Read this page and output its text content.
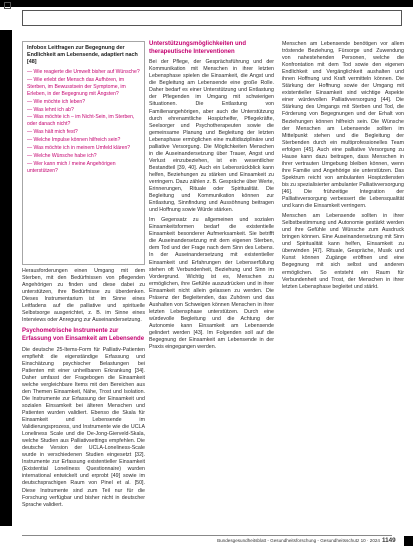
Infobox Leitfragen zur Begegnung der Endlichkeit am Lebensende, adaptiert nach [48]
— Wie reagierte die Umwelt bisher auf Wünsche?
— Wie erlebt der Mensch das Aufhören, im Sterben, im Bewusstsein der Symptome, im Erleben, in der Begegnung mit Ängsten?
— Wie möchte ich leben?
— Was lehnt ich ab?
— Was möchte ich – im Nicht-Sein, im Sterben, oder danach nicht?
— Was hält mich fest?
— Welche Impulse können hilfreich sein?
— Was möchte ich in meinem Umfeld klären?
— Welche Wünsche habe ich?
— Wer kann mich / meine Angehörigen unterstützen?

Herausforderungen einen Umgang mit dem Sterben, mit den Bedürfnissen von pflegenden Angehörigen zu finden und diese dabei zu unterstützen, ihre Bedürfnisse zu überdenken. Dieses Instrumentarium ist im Sinne eines Leitfadens auf die palliative und spirituelle Selbstsorge ausgerichtet, z. B. im Sinne eines Interviews oder Anregung zur Auseinandersetzung.

Psychometrische Instrumente zur Erfassung von Einsamkeit am Lebensende

Die deutsche 25-Items-Form für Palliativ-Patienten empfiehlt die eigenständige Erfassung und Einschätzung psychischer Belastungen bei Patienten mit einer unheilbaren Erkrankung [34]. Daher umfasst der Fragebogen die Einsamkeit welche vergleichbare Items mit den Bereichen aus den Themen Einsamkeit, Nähe, Trost und Isolation. Die Instrumente zur Erfassung der Einsamkeit und sozialen Einsamkeit bei älteren Menschen und Patienten wurden validiert. Ebenso die Skala für Einsamkeit und Lebensende im Validierungsprozess, und Instrumente wie die UCLA Loneliness Scale und die De-Jong-Gierveld-Skala, welche Studien aus Palliativsettings empfehlen. Die deutsche Version der UCLA-Loneliness-Scale wurde in verschiedenen Studien eingesetzt [32]. Instrumente zur Erfassung existentieller Einsamkeit (Existential Loneliness Questionnaire) wurden international entwickelt und erprobt [49] sowie im deutschsprachigen Raum von Pinel et al. [50]. Diese Instrumente sind zum Teil nur für die Forschung verfügbar und bisher nicht in deutscher Sprache validiert.

Unterstützungsmöglichkeiten und therapeutische Interventionen

Bei der Pflege, der Gesprächsführung und der Kommunikation mit Menschen in ihrer letzten Lebensphase spielen die Einsamkeit, die Angst und die Begleitung am Lebensende eine große Rolle. Daher bedarf es einer Unterstützung und Entlastung der Pflegenden im Umgang mit schwierigen Situationen. Die Entlastung von Familienangehörigen, aber auch die Unterstützung durch ehrenamtliche Hospizhelfer, Pflegekräfte, Seelsorger und Psychotherapeuten sowie die gemeinsame Planung und Begleitung der letzten Lebensphase ermöglichen eine multidisziplinäre und palliative Versorgung. Die Möglichkeiten Menschen in die Auseinandersetzung über Trauer, Angst und Verlust einzubeziehen, ist ein wesentlicher Bestandteil [39, 40]. Auch ein Lebensrückblick kann helfen, Beziehungen zu stärken und Einsamkeit zu verringern. Dazu zählen z. B. Gespräche über Werte, Erinnerungen, Rituale oder Spiritualität. Die Begleitung und Kommunikation können zur Entlastung, Sinnfindung und Aussöhnung beitragen und Hoffnung sowie Würde stärken.

Im Gegensatz zu allgemeinen und sozialen Einsamkeitsformen bedarf die existentielle Einsamkeit besonderer Aufmerksamkeit. Sie betrifft die Auseinandersetzung mit dem eigenen Sterben, dem Tod und der Frage nach dem Sinn des Lebens. In der Auseinandersetzung mit existentieller Einsamkeit und Erfahrungen der Lebenserfüllung stehen oft Verbundenheit, Beziehung und Sinn im Vordergrund. Wichtig ist es, Menschen zu ermöglichen, ihre Gefühle auszudrücken und in ihrer Einsamkeit nicht allein gelassen zu werden. Die Präsenz der Begleitenden, das Zuhören und das Aushalten von Schweigen können Menschen in ihrer letzten Lebensphase unterstützen. Durch eine würdevolle Begleitung und die Achtung der Autonomie kann Einsamkeit am Lebensende gelindert werden [43]. Im Folgenden soll auf die Begegnung der Einsamkeit am Lebensende in der Praxis eingegangen werden.

Menschen am Lebensende benötigen vor allem tröstende Beziehung, Fürsorge und Zuwendung von nahestehenden Personen, welche die Konfrontation mit dem Tod sowie den eigenen Endlichkeit und Vergänglichkeit aushalten und ihnen Hoffnung und Kraft vermitteln können. Die Stärkung der Hoffnung sowie der Umgang mit existentieller Einsamkeit sind wichtige Aspekte einer würdevollen Palliativversorgung [44]. Die Stärkung des Umgangs mit Sterben und Tod, die Förderung von Begegnungen und der Erhalt von Beziehungen können hilfreich sein. Die Wünsche der Menschen am Lebensende sollten im Mittelpunkt stehen und die Begleitung der Sterbenden durch ein multiprofessionelles Team erfolgen [45]. Auch eine palliative Versorgung zu Hause kann dazu beitragen, dass Menschen in ihrer vertrauten Umgebung bleiben können, wenn ihre Familie und Angehörige sie unterstützen. Das Spektrum reicht von ambulanten Hospizdiensten bis zu spezialisierter ambulanter Palliativversorgung [46]. Die frühzeitige Integration der Palliativversorgung verbessert die Lebensqualität und kann die Einsamkeit verringern.

Menschen am Lebensende sollten in ihrer Selbstbestimmung und Autonomie gestärkt werden und ihre Gefühle und Wünsche zum Ausdruck bringen können. Eine Auseinandersetzung mit Sinn und Spiritualität kann helfen, Einsamkeit zu überwinden [47]. Rituale, Gespräche, Musik und Kunst können Zugänge eröffnen und eine Begegnung mit sich selbst und anderen ermöglichen. So entsteht ein Raum für Verbundenheit und Trost, der Menschen in ihrer letzten Lebensphase begleitet und stärkt.

Bundesgesundheitsblatt - Gesundheitsforschung - Gesundheitsschutz 10 · 2024 1149
